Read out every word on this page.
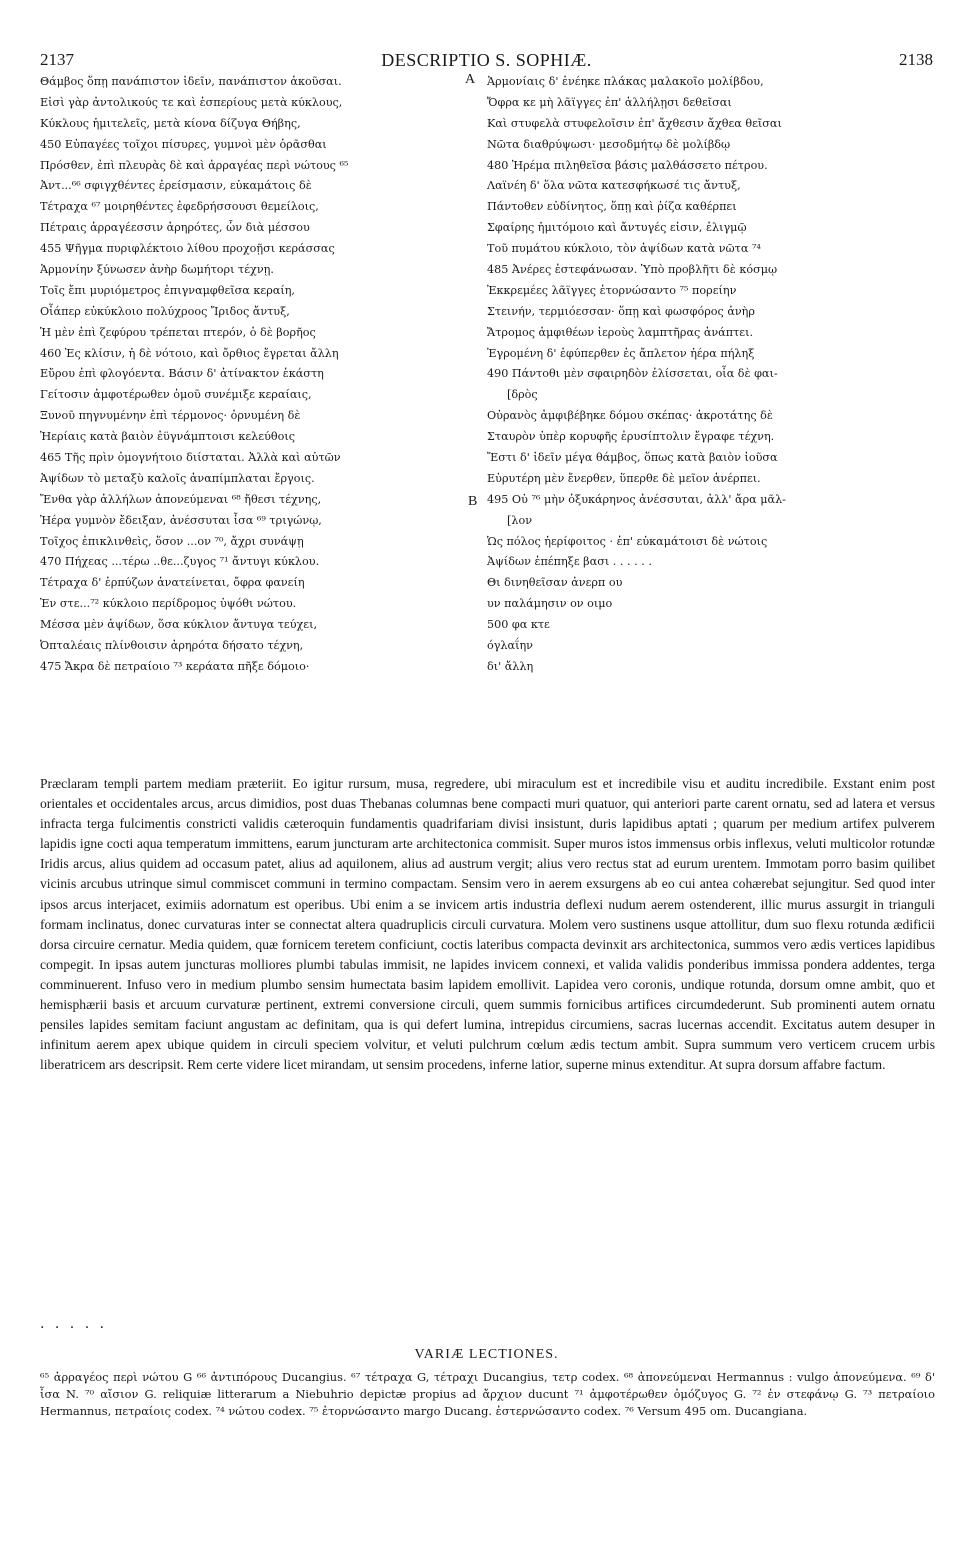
2137	DESCRIPTIO S. SOPHIÆ.	2138
Θάμβος ὅπῃ πανάπιστον ἰδεῖν, πανάπιστον ἀκοῦσαι.
Εἰσὶ γὰρ ἀντολικούς τε καὶ ἑσπερίους μετὰ κύκλους,
Κύκλους ἡμιτελεῖς, μετὰ κίονα δίζυγα Θήβης,
450 Εὐπαγέες τοῖχοι πίσυρες, γυμνοὶ μὲν ὁρᾶσθαι
Πρόσθεν, ἐπὶ πλευρὰς δὲ καὶ ἀρραγέας περὶ νώτους ⁶⁵
Ἀντ...⁶⁶ σφιγχθέντες ἐρείσμασιν, εὐκαμάτοις δὲ
Τέτραχα ⁶⁷ μοιρηθέντες ἐφεδρήσσουσι θεμείλοις,
Πέτραις ἀρραγέεσσιν ἀρηρότες, ὧν διὰ μέσσου
455 Ψῆγμα πυριφλέκτοιο λίθου προχοῇσι κεράσσας
Ἁρμονίην ξύνωσεν ἀνὴρ δωμήτορι τέχνῃ.
Τοῖς ἔπι μυριόμετρος ἐπιγναμφθεῖσα κεραίη,
Οἷάπερ εὐκύκλοιο πολύχροος Ἴριδος ἄντυξ,
Ἡ μὲν ἐπὶ ζεφύρου τρέπεται πτερόν, ὁ δὲ βορῆος
460 Ἐς κλίσιν, ἡ δὲ νότοιο, καὶ ὄρθιος ἔγρεται ἄλλη
Εὔρου ἐπὶ φλογόεντα. Βάσιν δ' ἀτίνακτον ἑκάστη
Γείτοσιν ἀμφοτέρωθεν ὁμοῦ συνέμιξε κεραίαις,
Ξυνοῦ πηγνυμένην ἐπὶ τέρμονος· ὀρνυμένη δὲ
Ἠερίαις κατὰ βαιὸν ἐϋγνάμπτοισι κελεύθοις
465 Τῆς πρὶν ὁμογνήτοιο διίσταται. Ἀλλὰ καὶ αὐτῶν
Ἀψίδων τὸ μεταξὺ καλοῖς ἀναπίμπλαται ἔργοις.
Ἔνθα γὰρ ἀλλήλων ἀπονεύμεναι ⁶⁸ ἤθεσι τέχνης,
Ἠέρα γυμνὸν ἔδειξαν, ἀνέσσυται ἶσα ⁶⁹ τριγώνῳ,
Τοῖχος ἐπικλινθεὶς, ὅσον ...ον ⁷⁰, ἄχρι συνάψῃ
470 Πήχεας ...τέρω ..θε...ζυγος ⁷¹ ἄντυγι κύκλου.
Τέτραχα δ' ἑρπύζων ἀνατείνεται, ὄφρα φανείη
Ἐν στε...⁷² κύκλοιο περίδρομος ὑψόθι νώτου.
Μέσσα μὲν ἀψίδων, ὅσα κύκλιον ἄντυγα τεύχει,
Ὀπταλέαις πλίνθοισιν ἀρηρότα δήσατο τέχνη,
475 Ἄκρα δὲ πετραίοιο ⁷³ κεράατα πῆξε δόμοιο·
A
B
Ἁρμονίαις δ' ἐνέηκε πλάκας μαλακοῖο μολίβδου,
Ὄφρα κε μὴ λᾶϊγγες ἐπ' ἀλλήλῃσι δεθεῖσαι
Καὶ στυφελὰ στυφελοῖσιν ἐπ' ἄχθεσιν ἄχθεα θεῖσαι
Νῶτα διαθρύψωσι· μεσοδμήτῳ δὲ μολίβδῳ
480 Ἠρέμα πιληθεῖσα βάσις μαλθάσσετο πέτρου.
Λαϊνέη δ' ὅλα νῶτα κατεσφήκωσέ τις ἄντυξ,
Πάντοθεν εὐδίνητος, ὅπῃ καὶ ῥίζα καθέρπει
Σφαίρης ἡμιτόμοιο καὶ ἄντυγές εἰσιν, ἐλιγμῷ
Τοῦ πυμάτου κύκλοιο, τὸν ἀψίδων κατὰ νῶτα ⁷⁴
485 Ἀνέρες ἐστεφάνωσαν. Ὑπὸ προβλῆτι δὲ κόσμῳ
Ἐκκρεμέες λᾶϊγγες ἐτορνώσαντο ⁷⁵ πορείην
Στεινήν, τερμιόεσσαν· ὅπῃ καὶ φωσφόρος ἀνὴρ
Ἄτρομος ἀμφιθέων ἱεροὺς λαμπτῆρας ἀνάπτει.
Ἐγρομένη δ' ἐφύπερθεν ἐς ἄπλετον ἠέρα πήληξ
490 Πάντοθι μὲν σφαιρηδὸν ἐλίσσεται, οἷα δὲ φαι-
[δρὸς
Οὐρανὸς ἀμφιβέβηκε δόμου σκέπας· ἀκροτάτης δὲ
Σταυρὸν ὑπὲρ κορυφῆς ἐρυσίπτολιν ἔγραφε τέχνη.
Ἔστι δ' ἰδεῖν μέγα θάμβος, ὅπως κατὰ βαιὸν ἰοῦσα
Εὐρυτέρη μὲν ἔνερθεν, ὕπερθε δὲ μεῖον ἀνέρπει.
495 Οὐ ⁷⁶ μὴν ὀξυκάρηνος ἀνέσσυται, ἀλλ' ἄρα μᾶλ-
[λον
Ὡς πόλος ἠερίφοιτος · ἐπ' εὐκαμάτοισι δὲ νώτοις
Ἀψίδων ἐπέπηξε βασι . . . . . .
Θι δινηθεῖσαν ἀνερπ ου
υν παλάμησιν ον οιμο
500 φα κτε
όγλαΐην
δι' ἄλλη
Præclaram templi partem mediam præteriit. Eo igitur rursum, musa, regredere, ubi miraculum est et incredibile visu et auditu incredibile. Exstant enim post orientales et occidentales arcus, arcus dimidios, post duas Thebanas columnas bene compacti muri quatuor, qui anteriori parte carent ornatu, sed ad latera et versus infracta terga fulcimentis constricti validis cæteroquin fundamentis quadrifariam divisi insistunt, duris lapidibus aptati ; quarum per medium artifex pulverem lapidis igne cocti aqua temperatum immittens, earum juncturam arte architectonica commisit. Super muros istos immensus orbis inflexus, veluti multicolor rotundæ Iridis arcus, alius quidem ad occasum patet, alius ad aquilonem, alius ad austrum vergit; alius vero rectus stat ad eurum urentem. Immotam porro basim quilibet vicinis arcubus utrinque simul commiscet communi in termino compactam. Sensim vero in aerem exsurgens ab eo cui antea cohærebat sejungitur. Sed quod inter ipsos arcus interjacet, eximiis adornatum est operibus. Ubi enim a se invicem artis industria deflexi nudum aerem ostenderent, illic murus assurgit in trianguli formam inclinatus, donec curvaturas inter se connectat altera quadruplicis circuli curvatura. Molem vero sustinens usque attollitur, dum suo flexu rotunda ædificii dorsa circuire cernatur. Media quidem, quæ fornicem teretem conficiunt, coctis lateribus compacta devinxit ars architectonica, summos vero ædis vertices lapidibus compegit. In ipsas autem juncturas molliores plumbi tabulas immisit, ne lapides invicem connexi, et valida validis ponderibus immissa pondera addentes, terga comminuerent. Infuso vero in medium plumbo sensim humectata basim lapidem emollivit. Lapidea vero coronis, undique rotunda, dorsum omne ambit, quo et hemisphærii basis et arcuum curvaturæ pertinent, extremi conversione circuli, quem summis fornicibus artifices circumdederunt. Sub prominenti autem ornatu pensiles lapides semitam faciunt angustam ac definitam, qua is qui defert lumina, intrepidus circumiens, sacras lucernas accendit. Excitatus autem desuper in infinitum aerem apex ubique quidem in circuli speciem volvitur, et veluti pulchrum cœlum ædis tectum ambit. Supra summum vero verticem crucem urbis liberatricem ars descripsit. Rem certe videre licet mirandam, ut sensim procedens, inferne latior, superne minus extenditur. At supra dorsum affabre factum.
. . . . .
VARIÆ LECTIONES.
⁶⁵ ἀρραγέος περὶ νώτου G ⁶⁶ ἀντιπόρους Ducangius. ⁶⁷ τέτραχα G, τέτραχι Ducangius, τετρ codex. ⁶⁸ ἀπονεύμεναι Hermannus : vulgo ἀπονεύμενα. ⁶⁹ δ' ἶσα N. ⁷⁰ αἴσιον G. reliquiæ litterarum a Niebuhrio depictæ propius ad ἄρχιον ducunt ⁷¹ ἀμφοτέρωθεν ὁμόζυγος G. ⁷² ἐν στεφάνῳ G. ⁷³ πετραίοιο Hermannus, πετραίοις codex. ⁷⁴ νώτου codex. ⁷⁵ ἐτορνώσαντο margo Ducang. ἐστερνώσαντο codex. ⁷⁶ Versum 495 om. Ducangiana.
